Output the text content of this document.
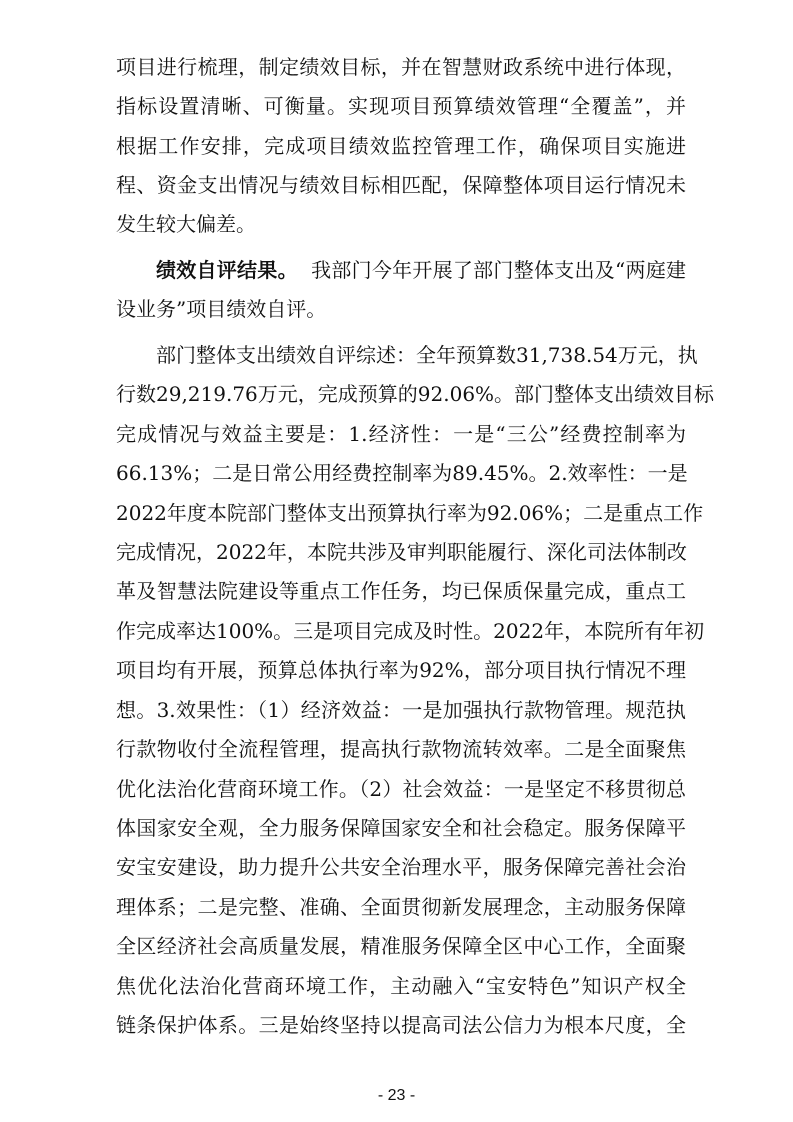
项目进行梳理，制定绩效目标，并在智慧财政系统中进行体现，
指标设置清晰、可衡量。实现项目预算绩效管理“全覆盖”，并
根据工作安排，完成项目绩效监控管理工作，确保项目实施进
程、资金支出情况与绩效目标相匹配，保障整体项目运行情况未
发生较大偏差。
绩效自评结果。 我部门今年开展了部门整体支出及“两庭建
设业务”项目绩效自评。
部门整体支出绩效自评综述：全年预算数31,738.54万元，执
行数29,219.76万元，完成预算的92.06%。部门整体支出绩效目标
完成情况与效益主要是：1.经济性：一是“三公”经费控制率为
66.13%；二是日常公用经费控制率为89.45%。2.效率性：一是
2022年度本院部门整体支出预算执行率为92.06%；二是重点工作
完成情况，2022年，本院共涉及审判职能履行、深化司法体制改
革及智慧法院建设等重点工作任务，均已保质保量完成，重点工
作完成率达100%。三是项目完成及时性。2022年，本院所有年初
项目均有开展，预算总体执行率为92%，部分项目执行情况不理
想。3.效果性：（1）经济效益：一是加强执行款物管理。规范执
行款物收付全流程管理，提高执行款物流转效率。二是全面聚焦
优化法治化营商环境工作。（2）社会效益：一是坚定不移贯彻总
体国家安全观，全力服务保障国家安全和社会稳定。服务保障平
安宝安建设，助力提升公共安全治理水平，服务保障完善社会治
理体系；二是完整、准确、全面贯彻新发展理念，主动服务保障
全区经济社会高质量发展，精准服务保障全区中心工作，全面聚
焦优化法治化营商环境工作，主动融入“宝安特色”知识产权全
链条保护体系。三是始终坚持以提高司法公信力为根本尺度，全
- 23 -
